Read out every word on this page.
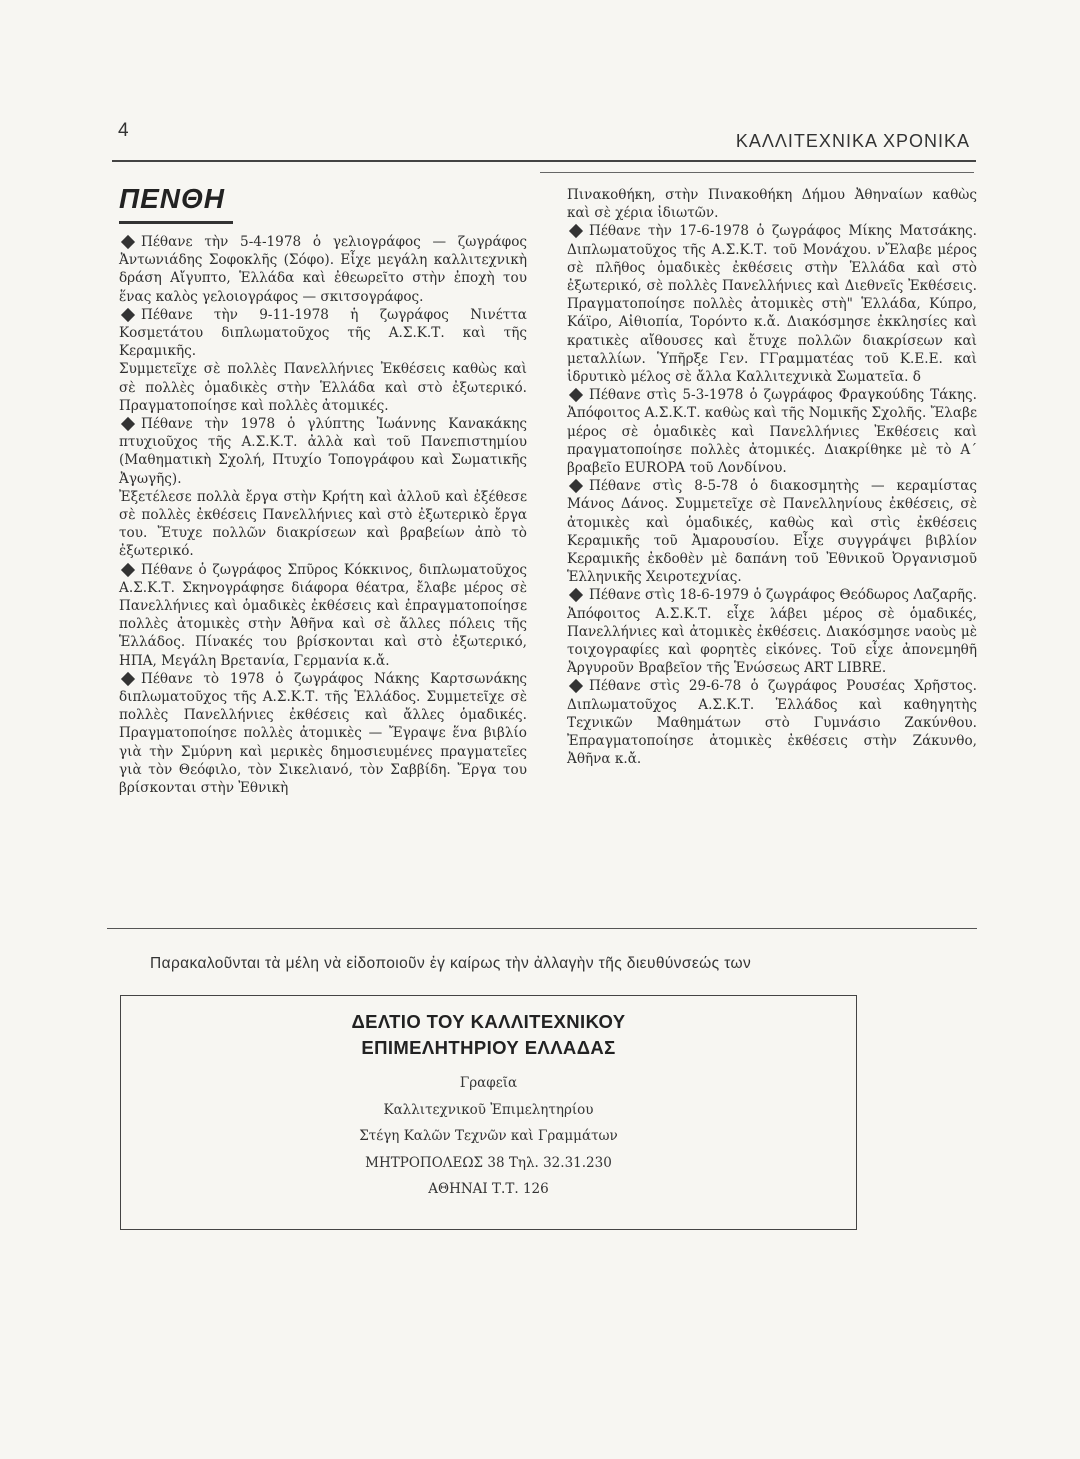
4	ΚΑΛΛΙΤΕΧΝΙΚΑ ΧΡΟΝΙΚΑ
ΠΕΝΘΗ

Πέθανε τὴν 5-4-1978 ὁ γελιογράφος — ζωγράφος Ἀντωνιάδης Σοφοκλῆς (Σόφο). Εἶχε μεγάλη καλλιτεχνικὴ δράση Αἴγυπτο, Ἑλλάδα καὶ ἐθεωρεῖτο στὴν ἐποχὴ του ἕνας καλὸς γελοιογράφος — σκιτσογράφος.

Πέθανε τὴν 9-11-1978 ἡ ζωγράφος Νινέττα Κοσμετάτου διπλωματοῦχος τῆς Α.Σ.Κ.Τ. καὶ τῆς Κεραμικῆς.

Συμμετεῖχε σὲ πολλὲς Πανελλήνιες Ἐκθέσεις καθὼς καὶ σὲ πολλὲς ὁμαδικὲς στὴν Ἑλλάδα καὶ στὸ ἐξωτερικό. Πραγματοποίησε καὶ πολλὲς ἀτομικές.

Πέθανε τὴν 1978 ὁ γλύπτης Ἰωάννης Κανακάκης πτυχιοῦχος τῆς Α.Σ.Κ.Τ. ἀλλὰ καὶ τοῦ Πανεπιστημίου (Μαθηματικὴ Σχολή, Πτυχίο Τοπογράφου καὶ Σωματικῆς Ἀγωγῆς).

Ἐξετέλεσε πολλὰ ἔργα στὴν Κρήτη καὶ ἀλλοῦ καὶ ἐξέθεσε σὲ πολλὲς ἐκθέσεις Πανελλήνιες καὶ στὸ ἐξωτερικὸ ἔργα του. Ἔτυχε πολλῶν διακρίσεων καὶ βραβείων ἀπὸ τὸ ἐξωτερικό.

Πέθανε ὁ ζωγράφος Σπῦρος Κόκκινος, διπλωματοῦχος Α.Σ.Κ.Τ. Σκηνογράφησε διάφορα θέατρα, ἔλαβε μέρος σὲ Πανελλήνιες καὶ ὁμαδικὲς ἐκθέσεις καὶ ἐπραγματοποίησε πολλὲς ἀτομικὲς στὴν Ἀθῆνα καὶ σὲ ἄλλες πόλεις τῆς Ἑλλάδος. Πίνακές του βρίσκονται καὶ στὸ ἐξωτερικό, ΗΠΑ, Μεγάλη Βρετανία, Γερμανία κ.ἄ.

Πέθανε τὸ 1978 ὁ ζωγράφος Νάκης Καρτσωνάκης διπλωματοῦχος τῆς Α.Σ.Κ.Τ. τῆς Ἑλλάδος. Συμμετεῖχε σὲ πολλὲς Πανελλήνιες ἐκθέσεις καὶ ἄλλες ὁμαδικές. Πραγματοποίησε πολλὲς ἀτομικὲς — Ἔγραψε ἕνα βιβλίο γιὰ τὴν Σμύρνη καὶ μερικὲς δημοσιευμένες πραγματεῖες γιὰ τὸν Θεόφιλο, τὸν Σικελιανό, τὸν Σαββίδη. Ἔργα του βρίσκονται στὴν Ἐθνικὴ

Πινακοθήκη, στὴν Πινακοθήκη Δήμου Ἀθηναίων καθὼς καὶ σὲ χέρια ἰδιωτῶν.

Πέθανε τὴν 17-6-1978 ὁ ζωγράφος Μίκης Ματσάκης. Διπλωματοῦχος τῆς Α.Σ.Κ.Τ. τοῦ Μονάχου. νἜλαβε μέρος σὲ πλῆθος ὁμαδικὲς ἐκθέσεις στὴν Ἑλλάδα καὶ στὸ ἐξωτερικό, σὲ πολλὲς Πανελλήνιες καὶ Διεθνεῖς Ἐκθέσεις. Πραγματοποίησε πολλὲς ἀτομικὲς στὴ" Ἑλλάδα, Κύπρο, Κάϊρο, Αἰθιοπία, Τορόντο κ.ἄ. Διακόσμησε ἐκκλησίες καὶ κρατικὲς αἴθουσες καὶ ἔτυχε πολλῶν διακρίσεων καὶ μεταλλίων. Ὑπῆρξε Γεν. ΓΓραμματέας τοῦ Κ.Ε.Ε. καὶ ἱδρυτικὸ μέλος σὲ ἄλλα Καλλιτεχνικὰ Σωματεῖα. δ

Πέθανε στὶς 5-3-1978 ὁ ζωγράφος Φραγκούδης Τάκης. Ἀπόφοιτος Α.Σ.Κ.Τ. καθὼς καὶ τῆς Νομικῆς Σχολῆς. Ἔλαβε μέρος σὲ ὁμαδικὲς καὶ Πανελλήνιες Ἐκθέσεις καὶ πραγματοποίησε πολλὲς ἀτομικές. Διακρίθηκε μὲ τὸ Α΄ βραβεῖο EUROPA τοῦ Λονδίνου.

Πέθανε στὶς 8-5-78 ὁ διακοσμητὴς — κεραμίστας Μάνος Δάνος. Συμμετεῖχε σὲ Πανελληνίους ἐκθέσεις, σὲ ἀτομικὲς καὶ ὁμαδικές, καθὼς καὶ στὶς ἐκθέσεις Κεραμικῆς τοῦ Ἀμαρουσίου. Εἶχε συγγράψει βιβλίον Κεραμικῆς ἐκδοθὲν μὲ δαπάνη τοῦ Ἐθνικοῦ Ὀργανισμοῦ Ἑλληνικῆς Χειροτεχνίας.

Πέθανε στὶς 18-6-1979 ὁ ζωγράφος Θεόδωρος Λαζαρῆς. Ἀπόφοιτος Α.Σ.Κ.Τ. εἶχε λάβει μέρος σὲ ὁμαδικές, Πανελλήνιες καὶ ἀτομικὲς ἐκθέσεις. Διακόσμησε ναοὺς μὲ τοιχογραφίες καὶ φορητὲς εἰκόνες. Τοῦ εἶχε ἀπονεμηθῆ Ἀργυροῦν Βραβεῖον τῆς Ἑνώσεως ART LIBRE.

Πέθανε στὶς 29-6-78 ὁ ζωγράφος Ρουσέας Χρῆστος. Διπλωματοῦχος Α.Σ.Κ.Τ. Ἑλλάδος καὶ καθηγητὴς Τεχνικῶν Μαθημάτων στὸ Γυμνάσιο Ζακύνθου. Ἐπραγματοποίησε ἀτομικὲς ἐκθέσεις στὴν Ζάκυνθο, Ἀθῆνα κ.ἄ.

Παρακαλοῦνται τὰ μέλη νὰ εἰδοποιοῦν ἐγ καίρως τὴν ἀλλαγὴν τῆς διευθύνσεώς των
ΔΕΛΤΙΟ ΤΟΥ ΚΑΛΛΙΤΕΧΝΙΚΟΥ
ΕΠΙΜΕΛΗΤΗΡΙΟΥ ΕΛΛΑΔΑΣ
Γραφεῖα
Καλλιτεχνικοῦ Ἐπιμελητηρίου
Στέγη Καλῶν Τεχνῶν καὶ Γραμμάτων
ΜΗΤΡΟΠΟΛΕΩΣ 38 Τηλ. 32.31.230
ΑΘΗΝΑΙ Τ.Τ. 126
